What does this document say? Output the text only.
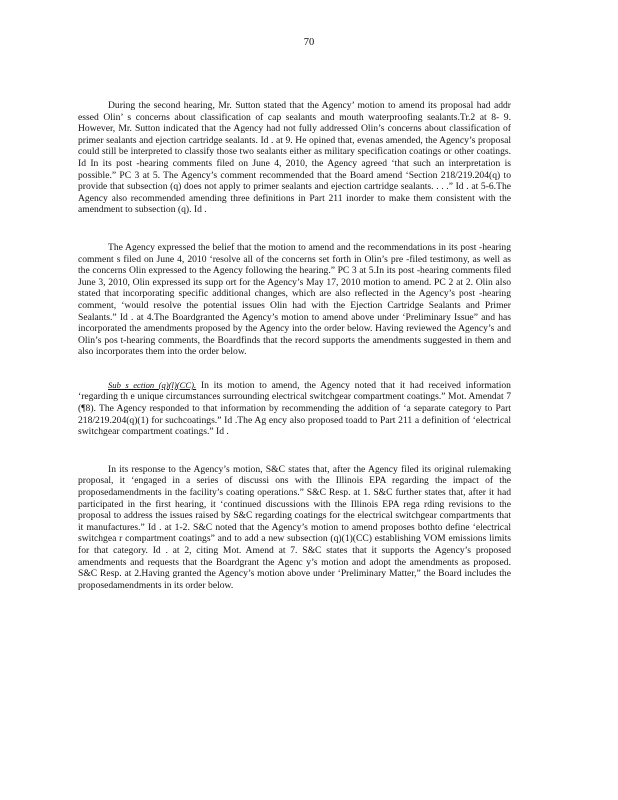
70

During the second hearing, Mr. Sutton stated that the Agency’ motion to amend its proposal had addr essed Olin’ s concerns about classification of cap sealants and mouth waterproofing sealants.Tr.2 at 8- 9. However, Mr. Sutton indicated that the Agency had not fully addressed Olin’s concerns about classification of primer sealants and ejection cartridge sealants. Id . at 9. He opined that, evenas amended, the Agency’s proposal could still be interpreted to classify those two sealants either as military specification coatings or other coatings. Id In its post -hearing comments filed on June 4, 2010, the Agency agreed ‘that such an interpretation is possible.” PC 3 at 5. The Agency’s comment recommended that the Board amend ‘Section 218/219.204(q) to provide that subsection (q) does not apply to primer sealants and ejection cartridge sealants. . . .” Id . at 5-6.The Agency also recommended amending three definitions in Part 211 inorder to make them consistent with the amendment to subsection (q). Id .

The Agency expressed the belief that the motion to amend and the recommendations in its post -hearing comment s filed on June 4, 2010 ‘resolve all of the concerns set forth in Olin’s pre -filed testimony, as well as the concerns Olin expressed to the Agency following the hearing.” PC 3 at 5.In its post -hearing comments filed June 3, 2010, Olin expressed its supp ort for the Agency’s May 17, 2010 motion to amend. PC 2 at 2. Olin also stated that incorporating specific additional changes, which are also reflected in the Agency’s post -hearing comment, ‘would resolve the potential issues Olin had with the Ejection Cartridge Sealants and Primer Sealants.” Id . at 4.The Boardgranted the Agency’s motion to amend above under ‘Preliminary Issue” and has incorporated the amendments proposed by the Agency into the order below. Having reviewed the Agency’s and Olin’s pos t-hearing comments, the Boardfinds that the record supports the amendments suggested in them and also incorporates them into the order below.

Sub s ection (q)(l)(CC). In its motion to amend, the Agency noted that it had received information ‘regarding th e unique circumstances surrounding electrical switchgear compartment coatings.” Mot. Amendat 7 (¶8). The Agency responded to that information by recommending the addition of ‘a separate category to Part 218/219.204(q)(1) for suchcoatings.” Id .The Ag ency also proposed toadd to Part 211 a definition of ‘electrical switchgear compartment coatings.” Id .

In its response to the Agency’s motion, S&C states that, after the Agency filed its original rulemaking proposal, it ‘engaged in a series of discussi ons with the Illinois EPA regarding the impact of the proposedamendments in the facility’s coating operations.” S&C Resp. at 1. S&C further states that, after it had participated in the first hearing, it ‘continued discussions with the Illinois EPA rega rding revisions to the proposal to address the issues raised by S&C regarding coatings for the electrical switchgear compartments that it manufactures.” Id . at 1-2. S&C noted that the Agency’s motion to amend proposes bothto define ‘electrical switchgea r compartment coatings” and to add a new subsection (q)(1)(CC) establishing VOM emissions limits for that category. Id . at 2, citing Mot. Amend at 7. S&C states that it supports the Agency’s proposed amendments and requests that the Boardgrant the Agenc y’s motion and adopt the amendments as proposed. S&C Resp. at 2.Having granted the Agency’s motion above under ‘Preliminary Matter,” the Board includes the proposedamendments in its order below.
